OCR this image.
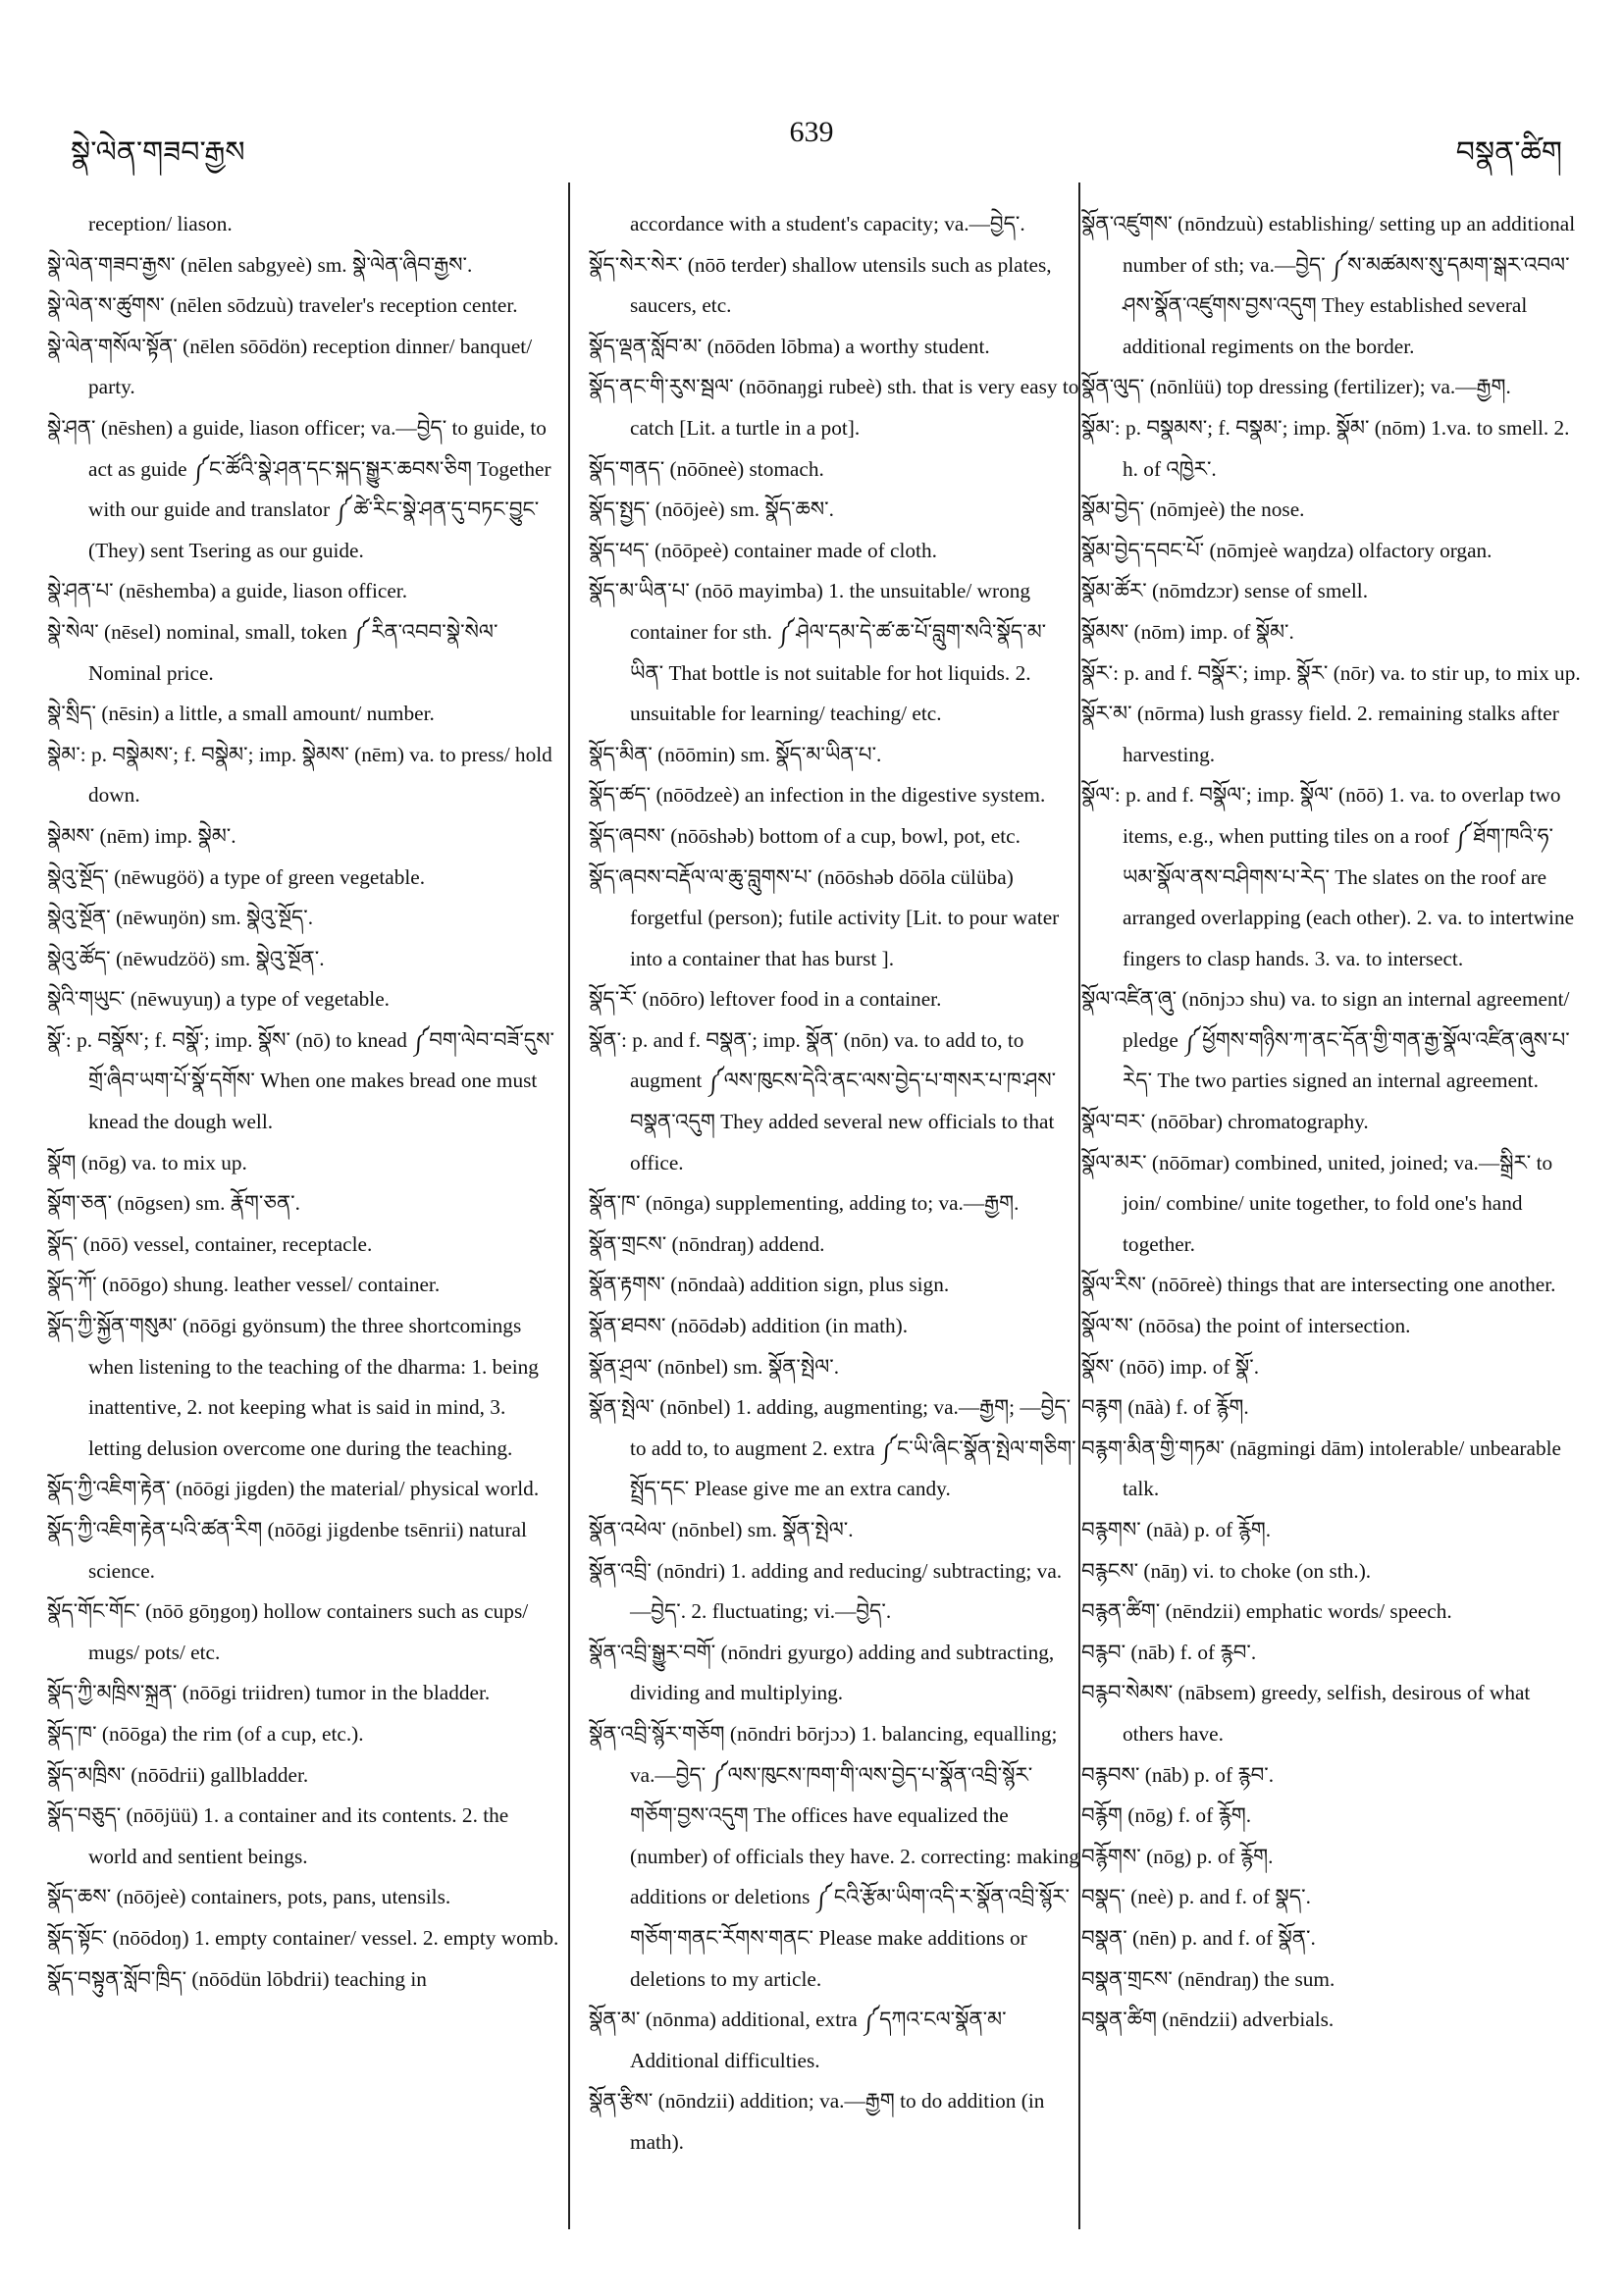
སྣེ་ལེན་གཟབ་རྒྱས
639
བསྣན་ཚིག

reception/ liason.

སྣེ་ལེན་གཟབ་རྒྱས་ (nēlen sabgyeè) sm. སྣེ་ལེན་ཞིབ་རྒྱས་.

སྣེ་ལེན་ས་ཚུགས་ (nēlen sōdzuù) traveler's reception center.

སྣེ་ལེན་གསོལ་སྟོན་ (nēlen sōōdön) reception dinner/ banquet/ party.

སྣེ་ཤན་ (nēshen) a guide, liason officer; va.—བྱེད་ to guide, to act as guide ༼ང་ཚོའི་སྣེ་ཤན་དང་སྐད་སྒྱུར་ཆབས་ཅིག Together with our guide and translator ༼ཚེ་རིང་སྣེ་ཤན་དུ་བཏང་བྱུང་ (They) sent Tsering as our guide.

སྣེ་ཤན་པ་ (nēshemba) a guide, liason officer.

སྣེ་སེལ་ (nēsel) nominal, small, token ༼རིན་འབབ་སྣེ་སེལ་ Nominal price.

སྣེ་སྲིད་ (nēsin) a little, a small amount/ number.

སྣེམ་: p. བསྣེམས་; f. བསྣེམ་; imp. སྣེམས་ (nēm) va. to press/ hold down.

སྣེམས་ (nēm) imp. སྣེམ་.

སྣེའུ་སྔོད་ (nēwugöö) a type of green vegetable.

སྣེའུ་སྔོན་ (nēwuŋön) sm. སྣེའུ་སྔོད་.

སྣེའུ་ཚོད་ (nēwudzöö) sm. སྣེའུ་སྔོན་.

སྣེའི་གཡུང་ (nēwuyuŋ) a type of vegetable.

སྣོ་: p. བསྣོས་; f. བསྣོ་; imp. སྣོས་ (nō) to knead ༼བག་ལེབ་བཟོ་དུས་གྲོ་ཞིབ་ཡག་པོ་སྣོ་དགོས་ When one makes bread one must knead the dough well.

སྣོག (nōg) va. to mix up.

སྣོག་ཅན་ (nōgsen) sm. རྣོག་ཅན་.

སྣོད་ (nōō) vessel, container, receptacle.

སྣོད་ཀོ་ (nōōgo) shung. leather vessel/ container.

སྣོད་ཀྱི་སྐྱོན་གསུམ་ (nōōgi gyönsum) the three shortcomings when listening to the teaching of the dharma: 1. being inattentive, 2. not keeping what is said in mind, 3. letting delusion overcome one during the teaching.

སྣོད་ཀྱི་འཇིག་རྟེན་ (nōōgi jigden) the material/ physical world.

སྣོད་ཀྱི་འཇིག་རྟེན་པའི་ཚན་རིག (nōōgi jigdenbe tsēnrii) natural science.

སྣོད་གོང་གོང་ (nōō gōŋgoŋ) hollow containers such as cups/ mugs/ pots/ etc.

སྣོད་ཀྱི་མཁྲིས་སྐྲན་ (nōōgi triidren) tumor in the bladder.

སྣོད་ཁ་ (nōōga) the rim (of a cup, etc.).

སྣོད་མཁྲིས་ (nōōdrii) gallbladder.

སྣོད་བཅུད་ (nōōjüü) 1. a container and its contents. 2. the world and sentient beings.

སྣོད་ཆས་ (nōōjeè) containers, pots, pans, utensils.

སྣོད་སྟོང་ (nōōdoŋ) 1. empty container/ vessel. 2. empty womb.

སྣོད་བསྟུན་སློབ་ཁྲིད་ (nōōdün lōbdrii) teaching in

accordance with a student's capacity; va.—བྱེད་.

སྣོད་སེར་སེར་ (nōō terder) shallow utensils such as plates, saucers, etc.

སྣོད་ལྡན་སློབ་མ་ (nōōden lōbma) a worthy student.

སྣོད་ནང་གི་རུས་སྦལ་ (nōōnaŋgi rubeè) sth. that is very easy to catch [Lit. a turtle in a pot].

སྣོད་གནད་ (nōōneè) stomach.

སྣོད་སྤྱད་ (nōōjeè) sm. སྣོད་ཆས་.

སྣོད་ཕད་ (nōōpeè) container made of cloth.

སྣོད་མ་ཡིན་པ་ (nōō mayimba) 1. the unsuitable/ wrong container for sth. ༼ཤེལ་དམ་དེ་ཚ་ཆ་པོ་བླུག་སའི་སྣོད་མ་ཡིན་ That bottle is not suitable for hot liquids. 2. unsuitable for learning/ teaching/ etc.

སྣོད་མིན་ (nōōmin) sm. སྣོད་མ་ཡིན་པ་.

སྣོད་ཚད་ (nōōdzeè) an infection in the digestive system.

སྣོད་ཞབས་ (nōōshəb) bottom of a cup, bowl, pot, etc.

སྣོད་ཞབས་བརྡོལ་ལ་ཆུ་བླུགས་པ་ (nōōshəb dōōla cülüba) forgetful (person); futile activity [Lit. to pour water into a container that has burst ].

སྣོད་རོ་ (nōōro) leftover food in a container.

སྣོན་: p. and f. བསྣན་; imp. སྣོན་ (nōn) va. to add to, to augment ༼ལས་ཁུངས་དེའི་ནང་ལས་བྱེད་པ་གསར་པ་ཁ་ཤས་བསྣན་འདུག They added several new officials to that office.

སྣོན་ཁ་ (nōnga) supplementing, adding to; va.—རྒྱག.

སྣོན་གྲངས་ (nōndraŋ) addend.

སྣོན་རྟགས་ (nōndaà) addition sign, plus sign.

སྣོན་ཐབས་ (nōōdəb) addition (in math).

སྣོན་ཤྲལ་ (nōnbel) sm. སྣོན་སྤེལ་.

སྣོན་སྤེལ་ (nōnbel) 1. adding, augmenting; va.—རྒྱག; —བྱེད་ to add to, to augment 2. extra ༼ང་ཡི་ཞིང་སྣོན་སྤེལ་གཅིག་སྤྲོད་དང་ Please give me an extra candy.

སྣོན་འཕེལ་ (nōnbel) sm. སྣོན་སྤེལ་.

སྣོན་འབྲི་ (nōndri) 1. adding and reducing/ subtracting; va.—བྱེད་. 2. fluctuating; vi.—བྱེད་.

སྣོན་འབྲི་སྒྱུར་བགོ་ (nōndri gyurgo) adding and subtracting, dividing and multiplying.

སྣོན་འབྲི་སྙོར་གཅོག (nōndri bōrjɔɔ) 1. balancing, equalling; va.—བྱེད་ ༼ལས་ཁུངས་ཁག་གི་ལས་བྱེད་པ་སྣོན་འབྲི་སྙོར་གཅོག་བྱས་འདུག The offices have equalized the (number) of officials they have. 2. correcting: making additions or deletions ༼ངའི་རྩོམ་ཡིག་འདི་ར་སྣོན་འབྲི་སྙོར་གཅོག་གནང་རོགས་གནང་ Please make additions or deletions to my article.

སྣོན་མ་ (nōnma) additional, extra ༼དཀའ་ངལ་སྣོན་མ་ Additional difficulties.

སྣོན་རྩིས་ (nōndzii) addition; va.—རྒྱག to do addition (in math).

སྣོན་འཛུགས་ (nōndzuù) establishing/ setting up an additional number of sth; va.—བྱེད་ ༼ས་མཚམས་སུ་དམག་སྒར་འབལ་ཤས་སྣོན་འཛུགས་བྱས་འདུག They established several additional regiments on the border.

སྣོན་ལུད་ (nōnlüü) top dressing (fertilizer); va.—རྒྱག.

སྣོམ་: p. བསྣམས་; f. བསྣམ་; imp. སྣོམ་ (nōm) 1.va. to smell. 2. h. of འཁྱེར་.

སྣོམ་བྱེད་ (nōmjeè) the nose.

སྣོམ་བྱེད་དབང་པོ་ (nōmjeè waŋdza) olfactory organ.

སྣོམ་ཚོར་ (nōmdzɔr) sense of smell.

སྣོམས་ (nōm) imp. of སྣོམ་.

སྣོར་: p. and f. བསྣོར་; imp. སྣོར་ (nōr) va. to stir up, to mix up.

སྣོར་མ་ (nōrma) lush grassy field. 2. remaining stalks after harvesting.

སྣོལ་: p. and f. བསྣོལ་; imp. སྣོལ་ (nōō) 1. va. to overlap two items, e.g., when putting tiles on a roof ༼ཐོག་ཁའི་ཧ་ཡམ་སྣོལ་ནས་བཤིགས་པ་རེད་ The slates on the roof are arranged overlapping (each other). 2. va. to intertwine fingers to clasp hands. 3. va. to intersect.

སྣོལ་འཛིན་ཞུ་ (nōnjɔɔ shu) va. to sign an internal agreement/ pledge ༼ཕྱོགས་གཉིས་ཀ་ནང་དོན་གྱི་གན་རྒྱ་སྣོལ་འཛིན་ཞུས་པ་རེད་ The two parties signed an internal agreement.

སྣོལ་བར་ (nōōbar) chromatography.

སྣོལ་མར་ (nōōmar) combined, united, joined; va.—སྒྲིར་ to join/ combine/ unite together, to fold one's hand together.

སྣོལ་རིས་ (nōōreè) things that are intersecting one another.

སྣོལ་ས་ (nōōsa) the point of intersection.

སྣོས་ (nōō) imp. of སྣོ་.

བརྙག (nāà) f. of རྙོག.

བརྙག་མིན་གྱི་གཏམ་ (nāgmingi dām) intolerable/ unbearable talk.

བརྙགས་ (nāà) p. of རྙོག.

བརྙངས་ (nāŋ) vi. to choke (on sth.).

བརྙན་ཚིག་ (nēndzii) emphatic words/ speech.

བརྙབ་ (nāb) f. of རྙབ་.

བརྙབ་སེམས་ (nābsem) greedy, selfish, desirous of what others have.

བརྙབས་ (nāb) p. of རྙབ་.

བརྙོག (nōg) f. of རྙོག.

བརྙོགས་ (nōg) p. of རྙོག.

བསྣད་ (neè) p. and f. of སྣད་.

བསྣན་ (nēn) p. and f. of སྣོན་.

བསྣན་གྲངས་ (nēndraŋ) the sum.

བསྣན་ཚིག (nēndzii) adverbials.
